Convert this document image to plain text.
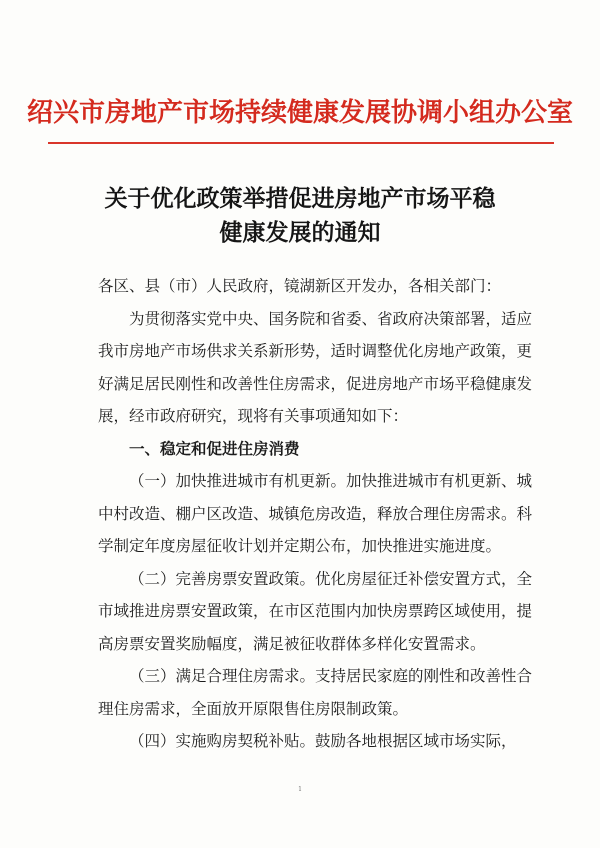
绍兴市房地产市场持续健康发展协调小组办公室
关于优化政策举措促进房地产市场平稳
健康发展的通知

各区、县（市）人民政府，镜湖新区开发办，各相关部门：

为贯彻落实党中央、国务院和省委、省政府决策部署，适应我市房地产市场供求关系新形势，适时调整优化房地产政策，更好满足居民刚性和改善性住房需求，促进房地产市场平稳健康发展，经市政府研究，现将有关事项通知如下：

一、稳定和促进住房消费

（一）加快推进城市有机更新。加快推进城市有机更新、城中村改造、棚户区改造、城镇危房改造，释放合理住房需求。科学制定年度房屋征收计划并定期公布，加快推进实施进度。

（二）完善房票安置政策。优化房屋征迁补偿安置方式，全市域推进房票安置政策，在市区范围内加快房票跨区域使用，提高房票安置奖励幅度，满足被征收群体多样化安置需求。

（三）满足合理住房需求。支持居民家庭的刚性和改善性合理住房需求，全面放开原限售住房限制政策。

（四）实施购房契税补贴。鼓励各地根据区域市场实际，

1
